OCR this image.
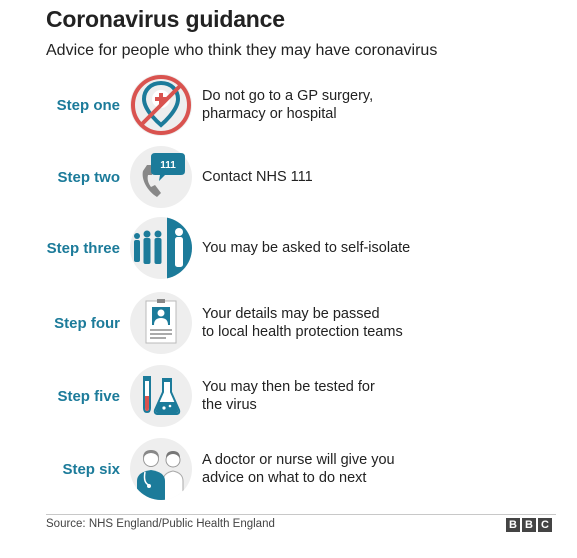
Coronavirus guidance
Advice for people who think they may have coronavirus
Step one
Do not go to a GP surgery,
pharmacy or hospital
Step two
111
Contact NHS 111
Step three	You may be asked to self-isolate
Step four
Your details may be passed
to local health protection teams
Step five
You may then be tested for
the virus
Step six
A doctor or nurse will give you
advice on what to do next
Source: NHS England/Public Health England	B B C
